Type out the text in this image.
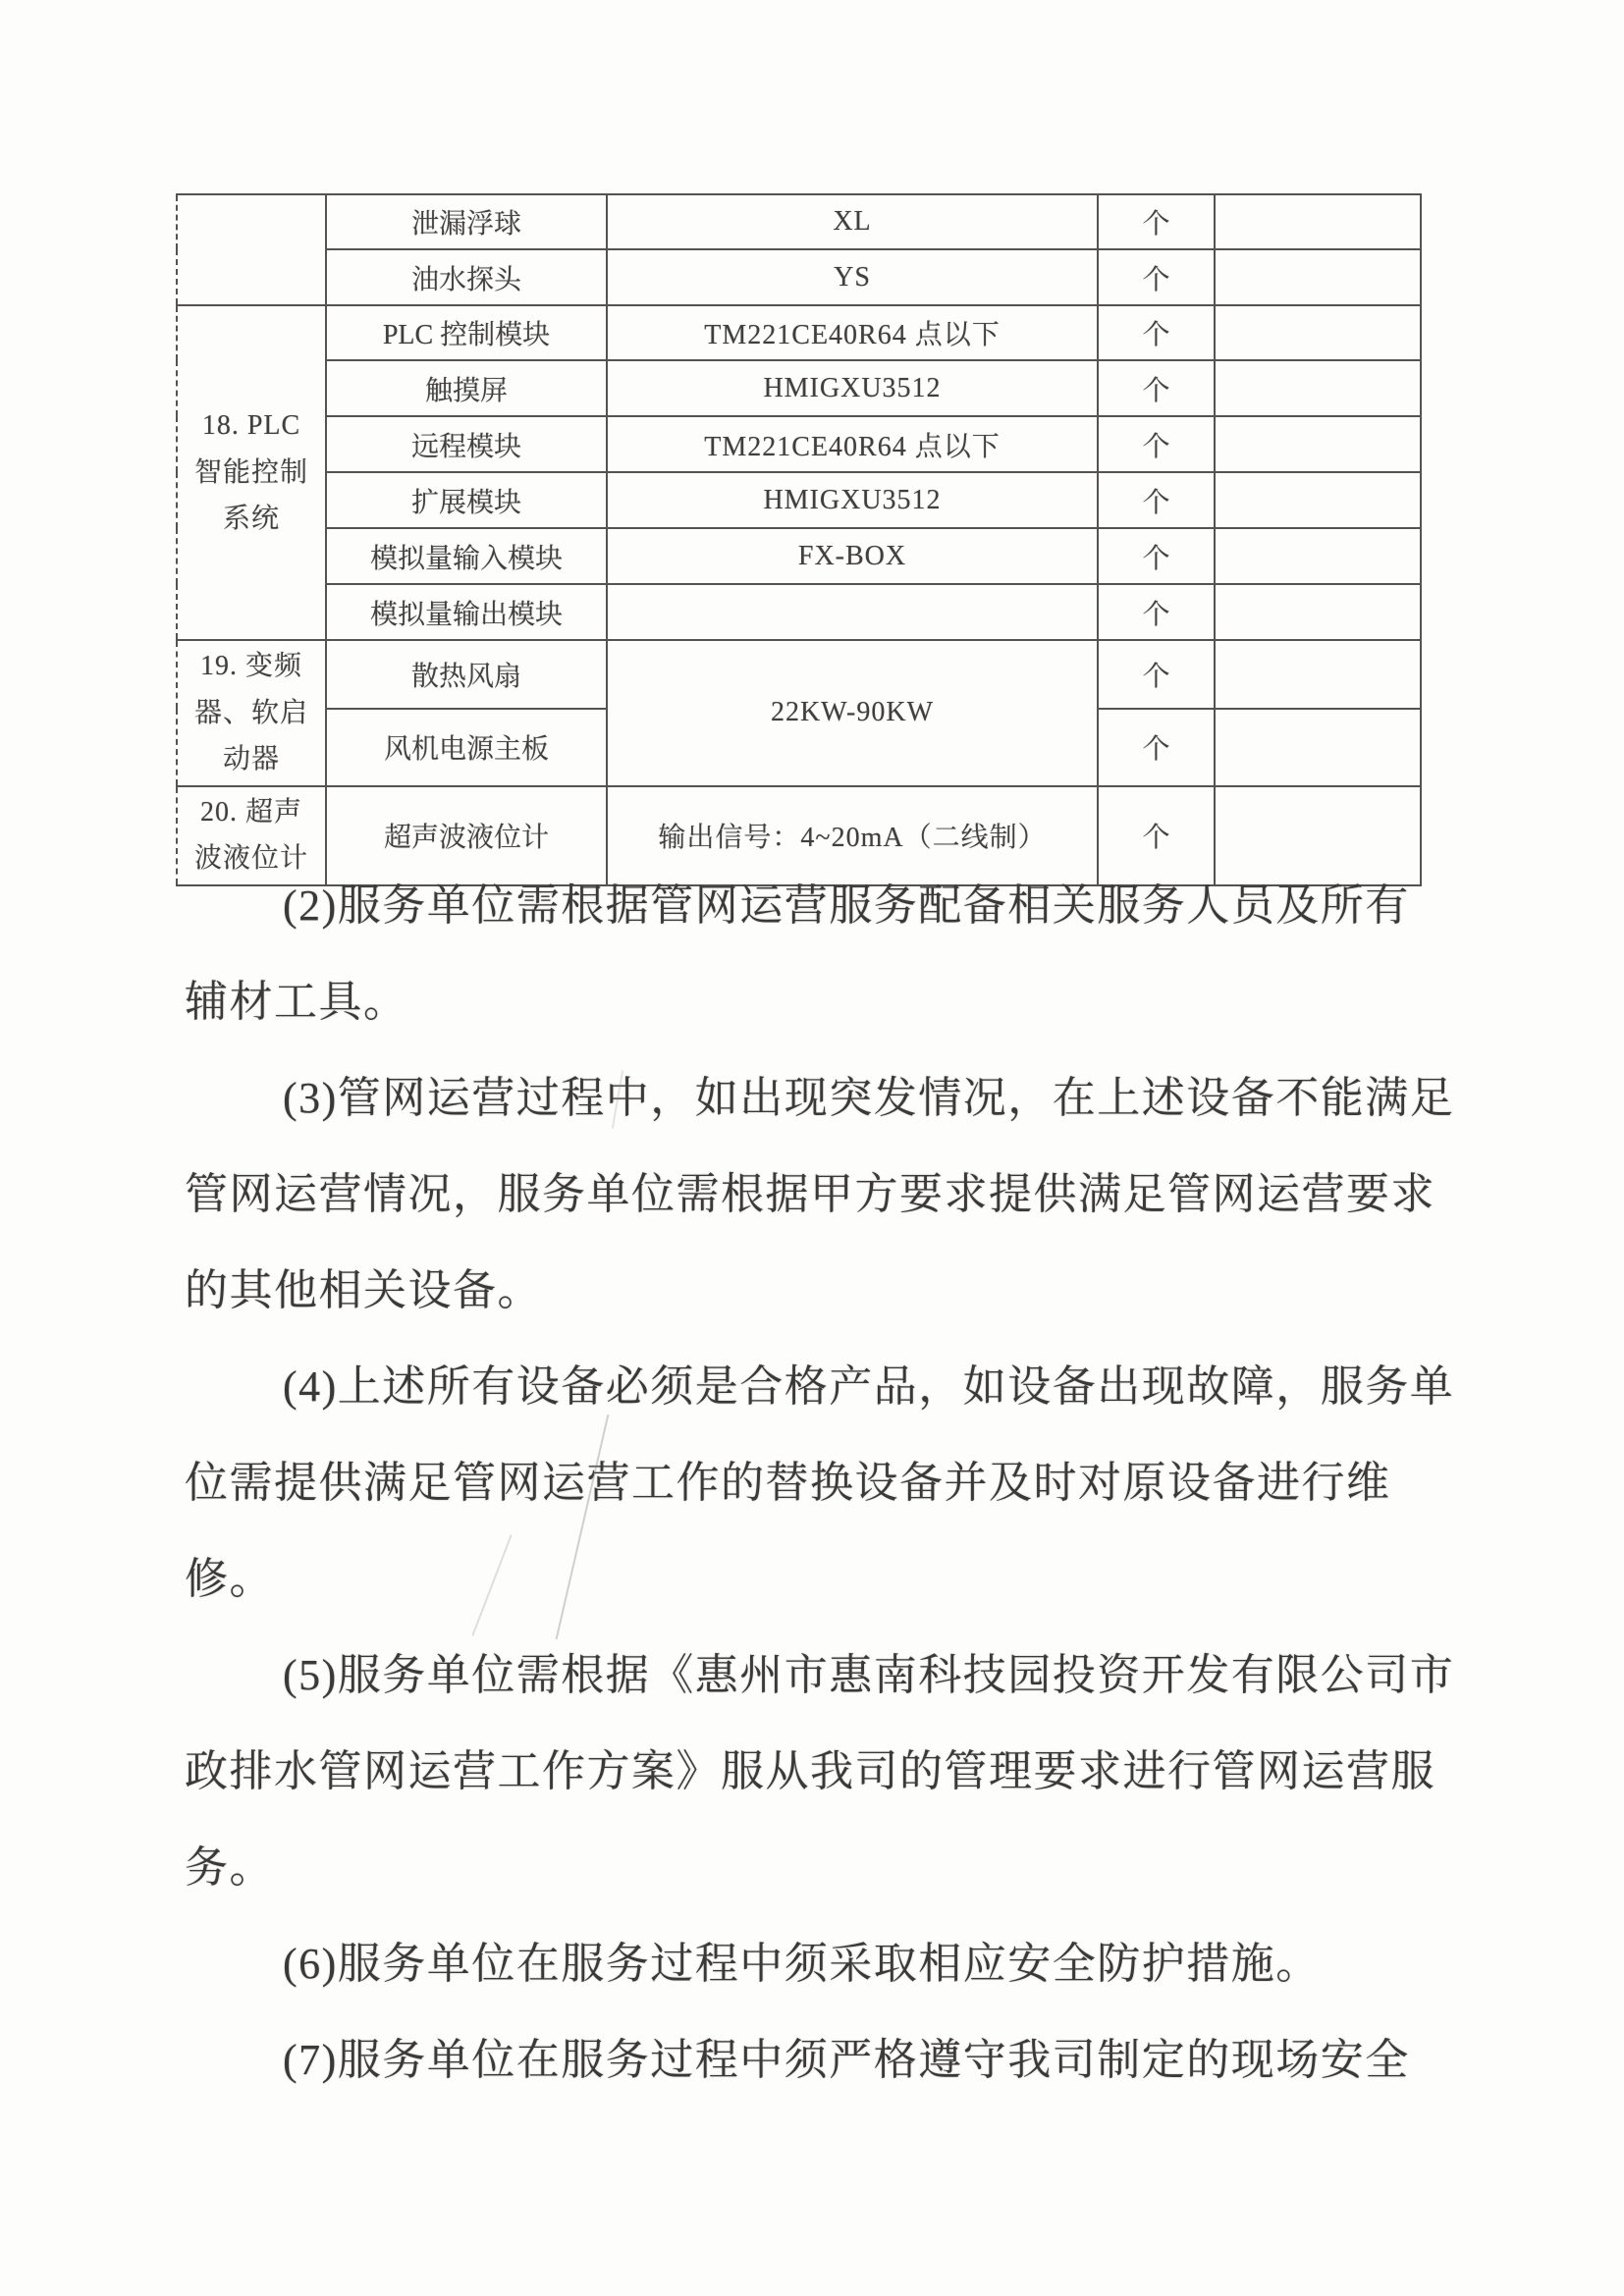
	泄漏浮球	XL	个	
	油水探头	YS	个	
18. PLC 智能控制 系统	PLC 控制模块	TM221CE40R64 点以下	个	
	触摸屏	HMIGXU3512	个	
	远程模块	TM221CE40R64 点以下	个	
	扩展模块	HMIGXU3512	个	
	模拟量输入模块	FX-BOX	个	
	模拟量输出模块		个	
19. 变频 器、软启 动器	散热风扇	22KW-90KW	个	
	风机电源主板		个	
20. 超声 波液位计	超声波液位计	输出信号：4~20mA（二线制）	个	
(2)服务单位需根据管网运营服务配备相关服务人员及所有
辅材工具。
(3)管网运营过程中，如出现突发情况，在上述设备不能满足
管网运营情况，服务单位需根据甲方要求提供满足管网运营要求
的其他相关设备。
(4)上述所有设备必须是合格产品，如设备出现故障，服务单
位需提供满足管网运营工作的替换设备并及时对原设备进行维
修。
(5)服务单位需根据《惠州市惠南科技园投资开发有限公司市
政排水管网运营工作方案》服从我司的管理要求进行管网运营服
务。
(6)服务单位在服务过程中须采取相应安全防护措施。
(7)服务单位在服务过程中须严格遵守我司制定的现场安全
